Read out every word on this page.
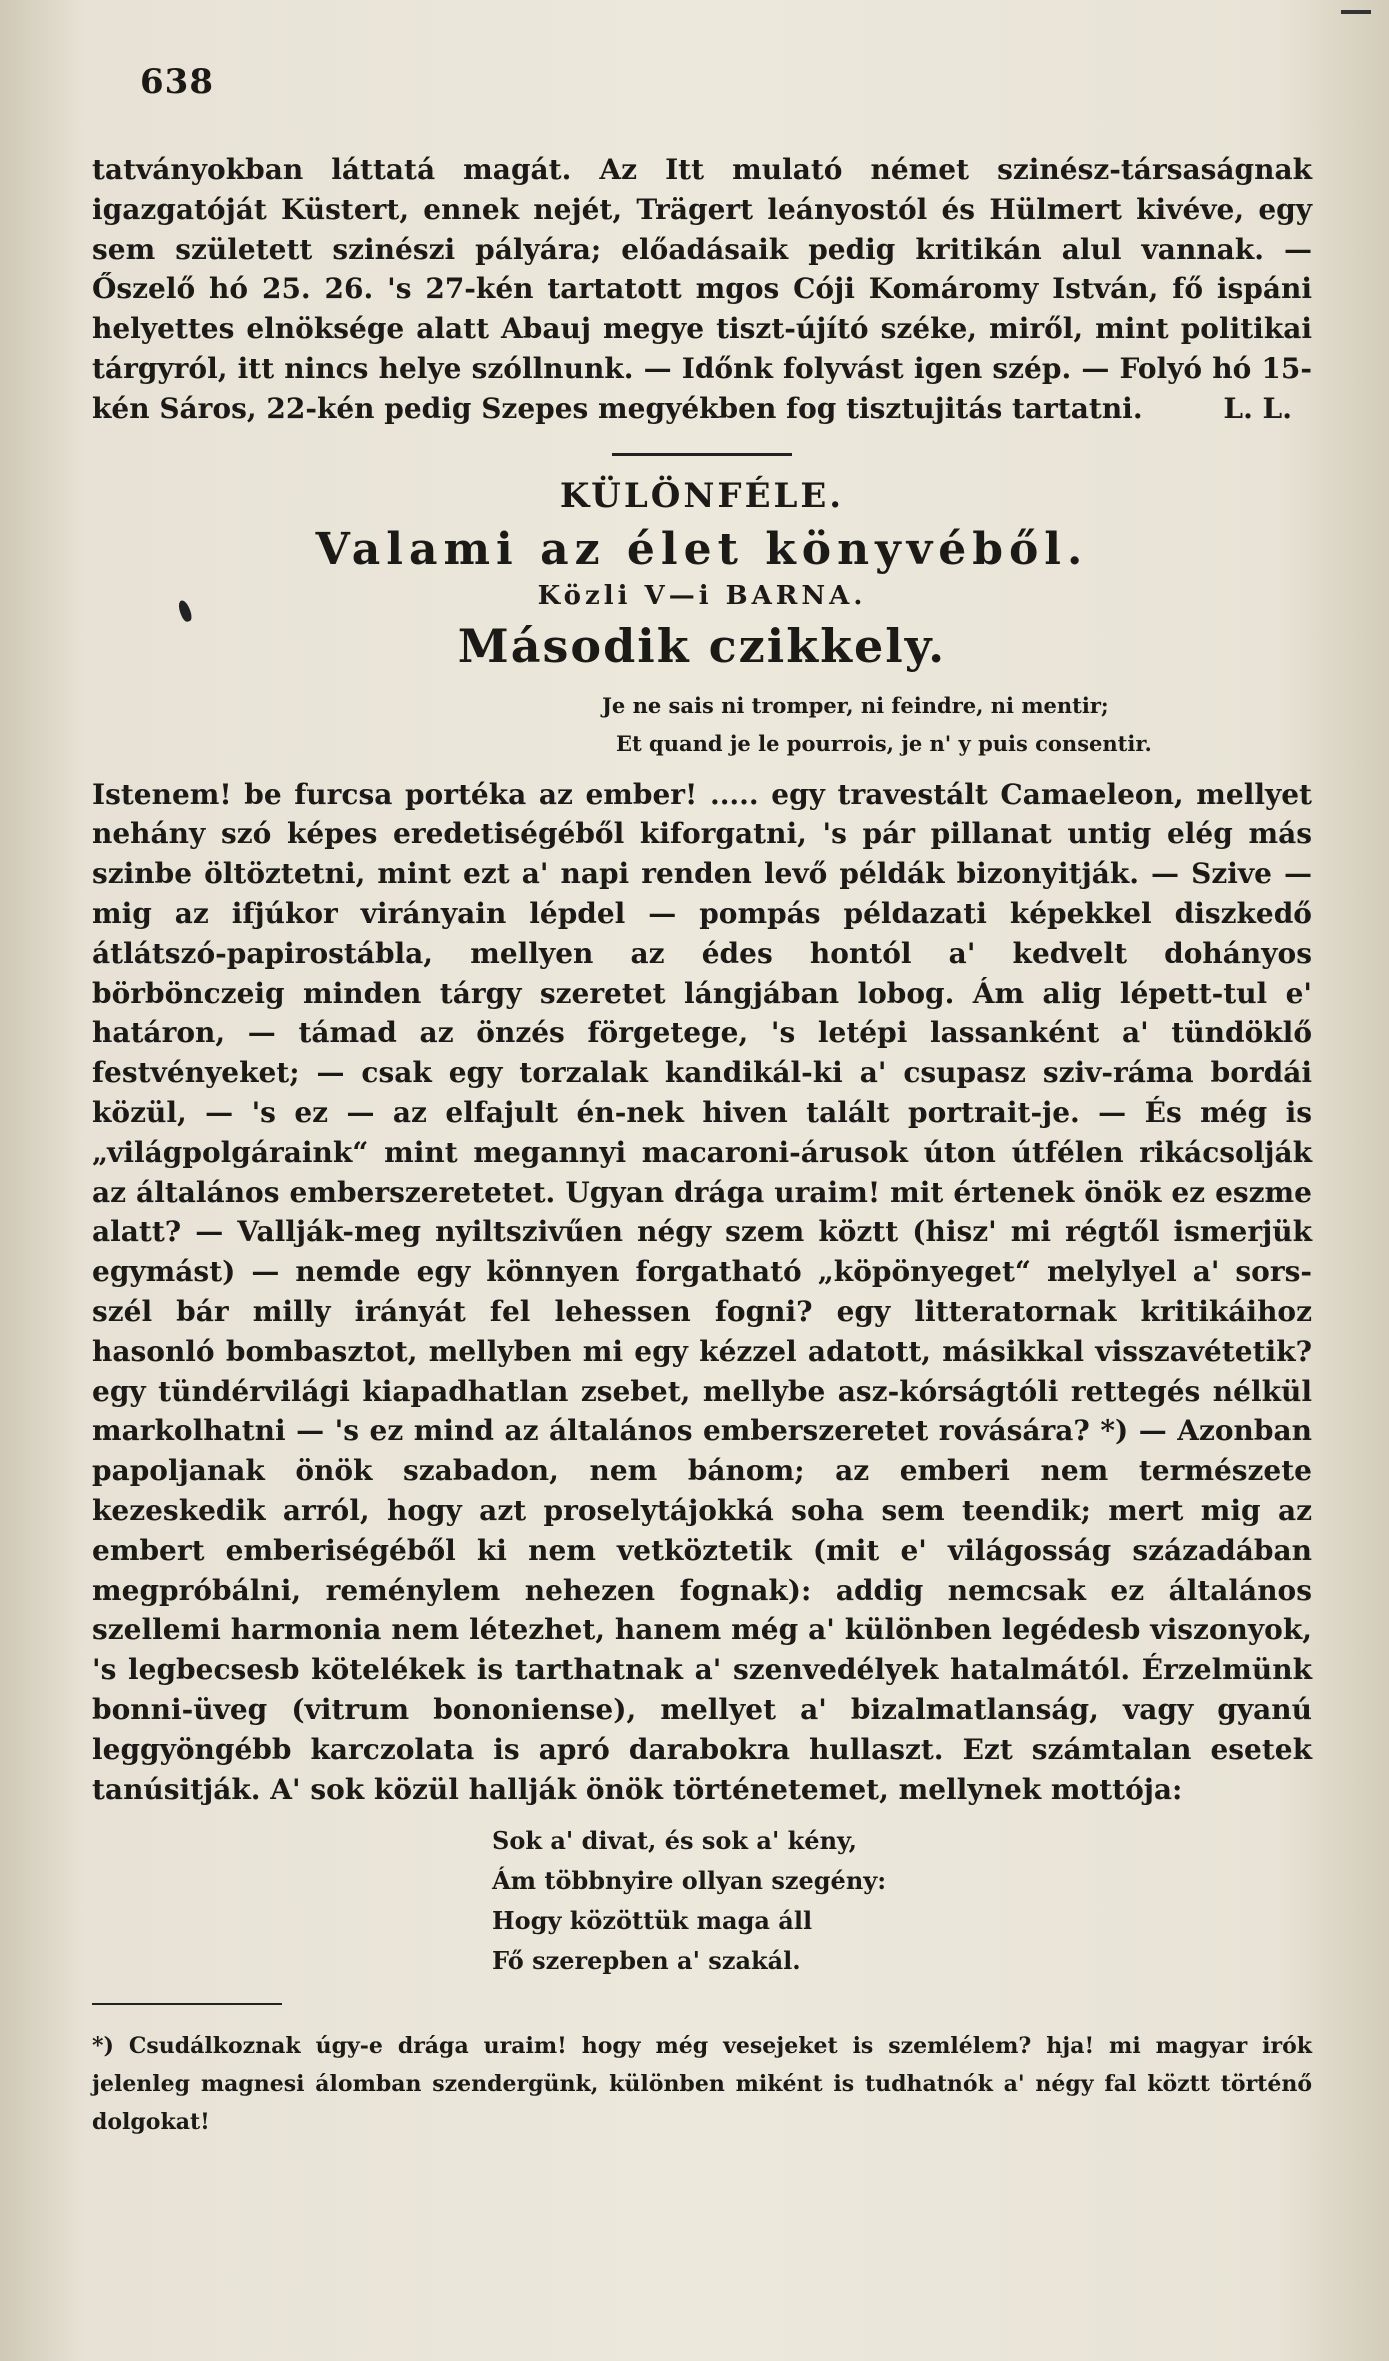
638

tatványokban láttatá magát. Az Itt mulató német szinész-társaságnak igazgatóját Küstert, ennek nejét, Trägert leányostól és Hülmert kivéve, egy sem született szinészi pályára; előadásaik pedig kritikán alul vannak. — Őszelő hó 25. 26. 's 27-kén tartatott mgos Cóji Komáromy István, fő ispáni helyettes elnöksége alatt Abauj megye tiszt-újító széke, miről, mint politikai tárgyról, itt nincs helye szóllnunk. — Időnk folyvást igen szép. — Folyó hó 15-kén Sáros, 22-kén pedig Szepes megyékben fog tisztujitás tartatni.	L. L.
KÜLÖNFÉLE.
Valami az élet könyvéből.
Közli V—i BARNA.
Második czikkely.
Je ne sais ni tromper, ni feindre, ni mentir;
Et quand je le pourrois, je n' y puis consentir.

Istenem! be furcsa portéka az ember! ..... egy travestált Camaeleon, mellyet nehány szó képes eredetiségéből kiforgatni, 's pár pillanat untig elég más szinbe öltöztetni, mint ezt a' napi renden levő példák bizonyitják. — Szive — mig az ifjúkor virányain lépdel — pompás példazati képekkel diszkedő átlátszó-papirostábla, mellyen az édes hontól a' kedvelt dohányos börbönczeig minden tárgy szeretet lángjában lobog. Ám alig lépett-tul e' határon, — támad az önzés förgetege, 's letépi lassanként a' tündöklő festvényeket; — csak egy torzalak kandikál-ki a' csupasz sziv-ráma bordái közül, — 's ez — az elfajult én-nek hiven talált portrait-je. — És még is „világpolgáraink“ mint megannyi macaroni-árusok úton útfélen rikácsolják az általános emberszeretetet. Ugyan drága uraim! mit értenek önök ez eszme alatt? — Vallják-meg nyiltszivűen négy szem köztt (hisz' mi régtől ismerjük egymást) — nemde egy könnyen forgatható „köpönyeget“ melylyel a' sors-szél bár milly irányát fel lehessen fogni? egy litteratornak kritikáihoz hasonló bombasztot, mellyben mi egy kézzel adatott, másikkal visszavétetik? egy tündérvilági kiapadhatlan zsebet, mellybe asz-kórságtóli rettegés nélkül markolhatni — 's ez mind az általános emberszeretet rovására? *) — Azonban papoljanak önök szabadon, nem bánom; az emberi nem természete kezeskedik arról, hogy azt proselytájokká soha sem teendik; mert mig az embert emberiségéből ki nem vetköztetik (mit e' világosság századában megpróbálni, reménylem nehezen fognak): addig nemcsak ez általános szellemi harmonia nem létezhet, hanem még a' különben legédesb viszonyok, 's legbecsesb kötelékek is tarthatnak a' szenvedélyek hatalmától. Érzelmünk bonni-üveg (vitrum bononiense), mellyet a' bizalmatlanság, vagy gyanú leggyöngébb karczolata is apró darabokra hullaszt. Ezt számtalan esetek tanúsitják. A' sok közül hallják önök történetemet, mellynek mottója:

Sok a' divat, és sok a' kény,
Ám többnyire ollyan szegény:
Hogy közöttük maga áll
Fő szerepben a' szakál.

*) Csudálkoznak úgy-e drága uraim! hogy még vesejeket is szemlélem? hja! mi magyar irók jelenleg magnesi álomban szendergünk, különben miként is tudhatnók a' négy fal köztt történő dolgokat!
